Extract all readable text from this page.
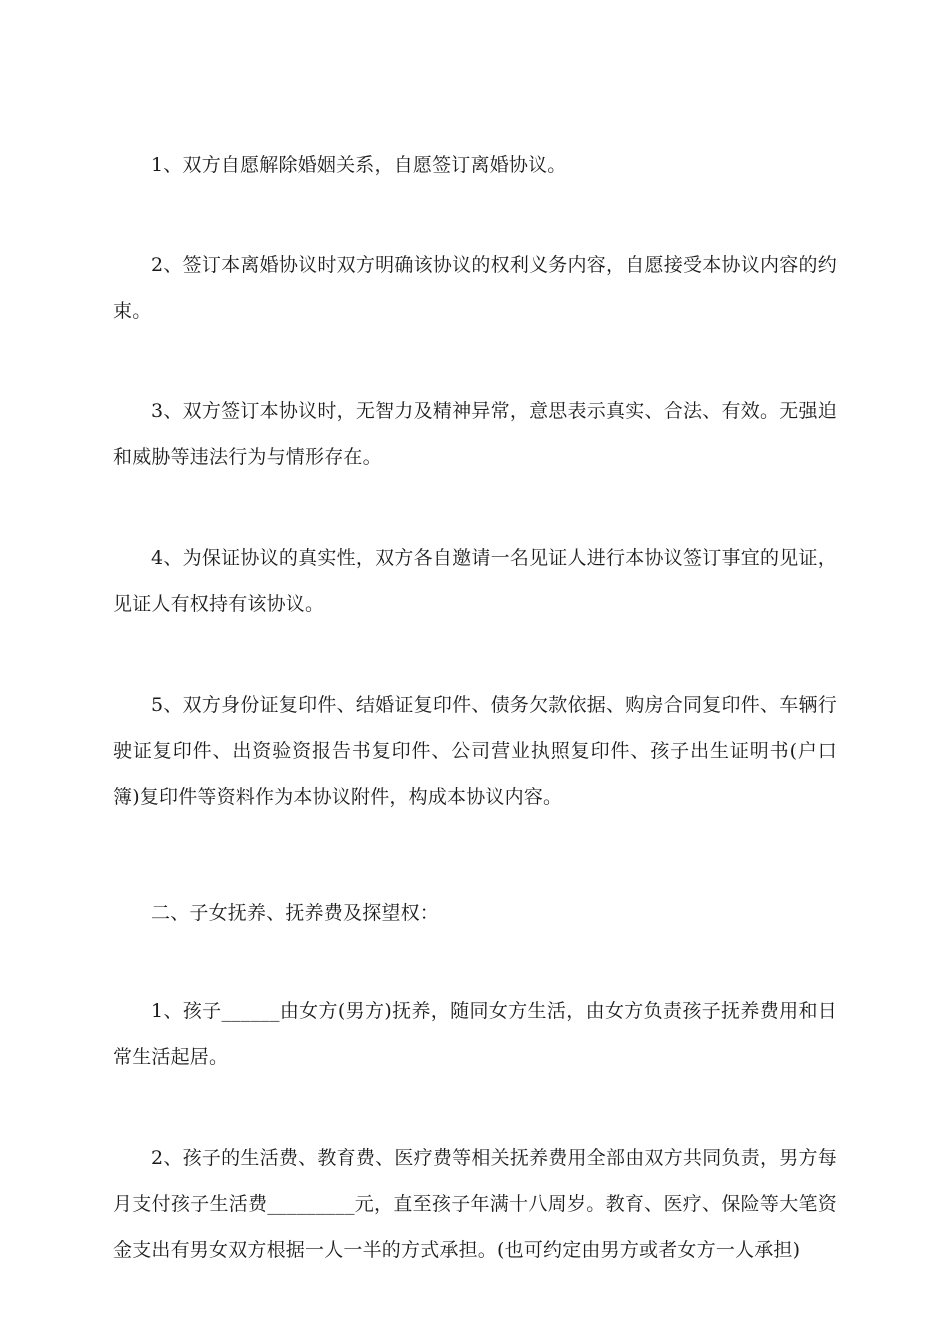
1、双方自愿解除婚姻关系，自愿签订离婚协议。

2、签订本离婚协议时双方明确该协议的权利义务内容，自愿接受本协议内容的约束。

3、双方签订本协议时，无智力及精神异常，意思表示真实、合法、有效。无强迫和威胁等违法行为与情形存在。

4、为保证协议的真实性，双方各自邀请一名见证人进行本协议签订事宜的见证，见证人有权持有该协议。

5、双方身份证复印件、结婚证复印件、债务欠款依据、购房合同复印件、车辆行驶证复印件、出资验资报告书复印件、公司营业执照复印件、孩子出生证明书(户口簿)复印件等资料作为本协议附件，构成本协议内容。

二、子女抚养、抚养费及探望权：

1、孩子______由女方(男方)抚养，随同女方生活，由女方负责孩子抚养费用和日常生活起居。

2、孩子的生活费、教育费、医疗费等相关抚养费用全部由双方共同负责，男方每月支付孩子生活费_________元，直至孩子年满十八周岁。教育、医疗、保险等大笔资金支出有男女双方根据一人一半的方式承担。(也可约定由男方或者女方一人承担)
